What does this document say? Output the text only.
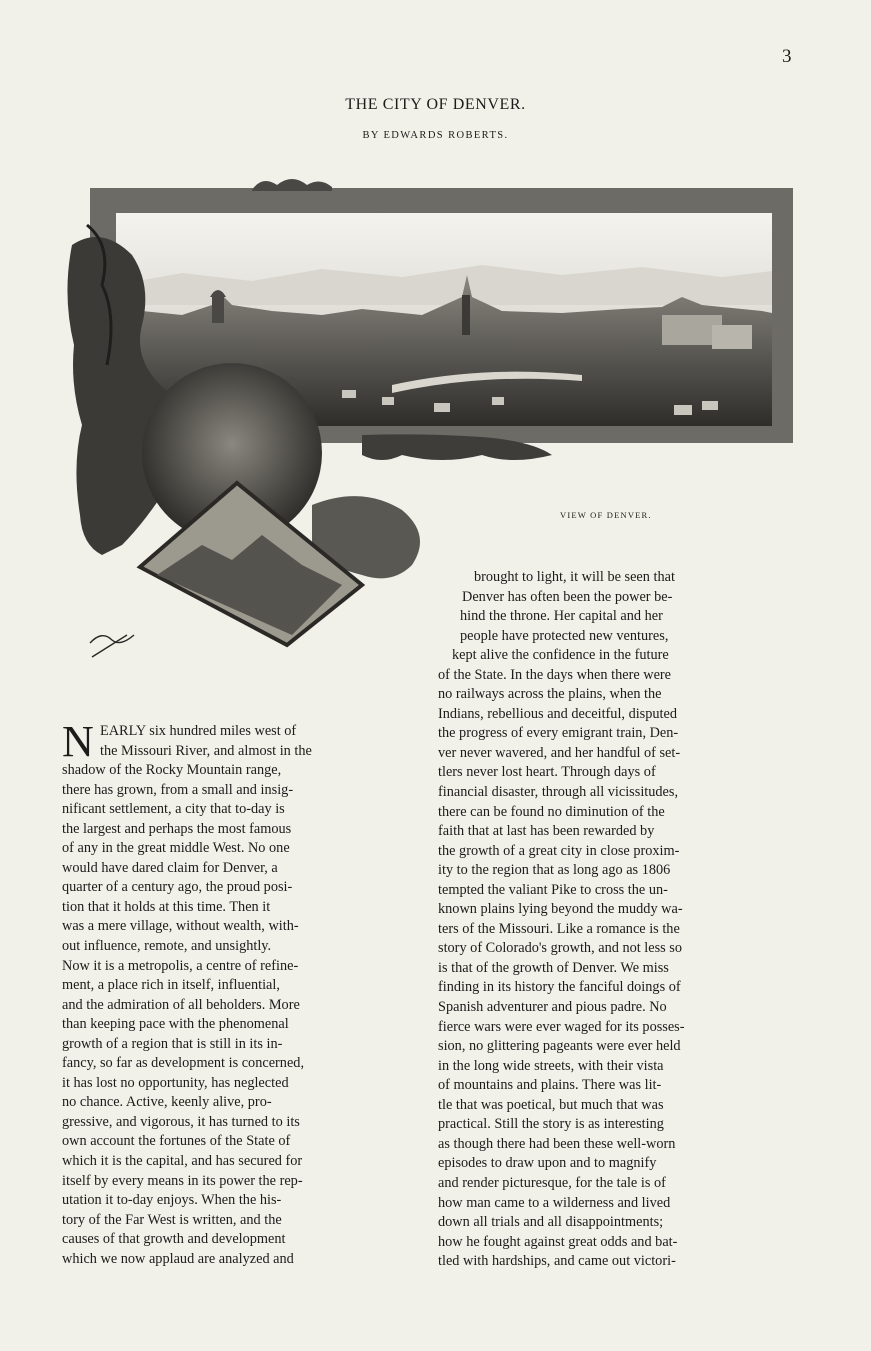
3
THE CITY OF DENVER.
BY EDWARDS ROBERTS.
VIEW OF DENVER.
N EARLY six hundred miles west of
the Missouri River, and almost in the
shadow of the Rocky Mountain range,
there has grown, from a small and insig-
nificant settlement, a city that to-day is
the largest and perhaps the most famous
of any in the great middle West. No one
would have dared claim for Denver, a
quarter of a century ago, the proud posi-
tion that it holds at this time. Then it
was a mere village, without wealth, with-
out influence, remote, and unsightly.
Now it is a metropolis, a centre of refine-
ment, a place rich in itself, influential,
and the admiration of all beholders. More
than keeping pace with the phenomenal
growth of a region that is still in its in-
fancy, so far as development is concerned,
it has lost no opportunity, has neglected
no chance. Active, keenly alive, pro-
gressive, and vigorous, it has turned to its
own account the fortunes of the State of
which it is the capital, and has secured for
itself by every means in its power the rep-
utation it to-day enjoys. When the his-
tory of the Far West is written, and the
causes of that growth and development
which we now applaud are analyzed and
brought to light, it will be seen that
Denver has often been the power be-
hind the throne. Her capital and her
people have protected new ventures,
kept alive the confidence in the future
of the State. In the days when there were
no railways across the plains, when the
Indians, rebellious and deceitful, disputed
the progress of every emigrant train, Den-
ver never wavered, and her handful of set-
tlers never lost heart. Through days of
financial disaster, through all vicissitudes,
there can be found no diminution of the
faith that at last has been rewarded by
the growth of a great city in close proxim-
ity to the region that as long ago as 1806
tempted the valiant Pike to cross the un-
known plains lying beyond the muddy wa-
ters of the Missouri. Like a romance is the
story of Colorado's growth, and not less so
is that of the growth of Denver. We miss
finding in its history the fanciful doings of
Spanish adventurer and pious padre. No
fierce wars were ever waged for its posses-
sion, no glittering pageants were ever held
in the long wide streets, with their vista
of mountains and plains. There was lit-
tle that was poetical, but much that was
practical. Still the story is as interesting
as though there had been these well-worn
episodes to draw upon and to magnify
and render picturesque, for the tale is of
how man came to a wilderness and lived
down all trials and all disappointments;
how he fought against great odds and bat-
tled with hardships, and came out victori-
